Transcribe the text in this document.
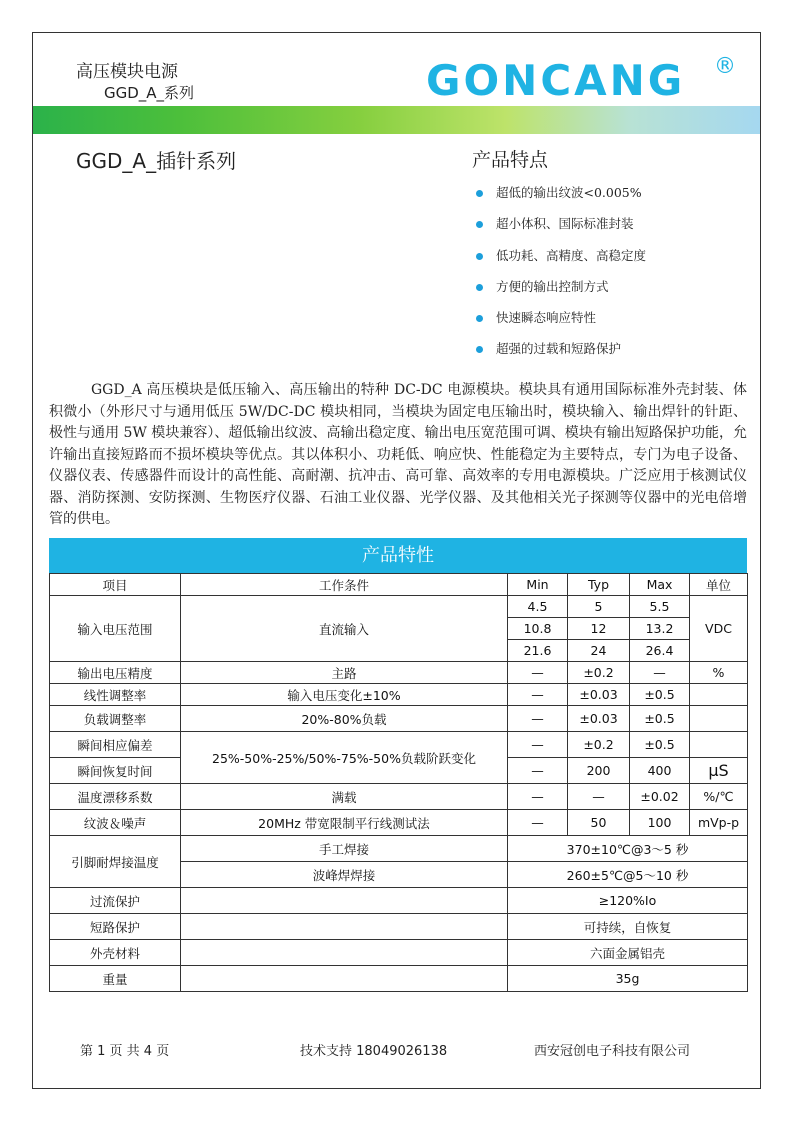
高压模块电源
GGD_A_系列	GONCANG ®
GGD_A_插针系列	产品特点
超低的输出纹波<0.005%
超小体积、国际标准封装
低功耗、高精度、高稳定度
方便的输出控制方式
快速瞬态响应特性
超强的过载和短路保护
GGD_A 高压模块是低压输入、高压输出的特种 DC-DC 电源模块。模块具有通用国际标准外壳封装、体积微小（外形尺寸与通用低压 5W/DC-DC 模块相同，当模块为固定电压输出时，模块输入、输出焊针的针距、极性与通用 5W 模块兼容）、超低输出纹波、高输出稳定度、输出电压宽范围可调、模块有输出短路保护功能，允许输出直接短路而不损坏模块等优点。其以体积小、功耗低、响应快、性能稳定为主要特点，专门为电子设备、仪器仪表、传感器件而设计的高性能、高耐潮、抗冲击、高可靠、高效率的专用电源模块。广泛应用于核测试仪器、消防探测、安防探测、生物医疗仪器、石油工业仪器、光学仪器、及其他相关光子探测等仪器中的光电倍增管的供电。
产品特性
项目	工作条件	Min	Typ	Max	单位
输入电压范围	直流输入	4.5	5	5.5	VDC
		10.8	12	13.2	
		21.6	24	26.4	
输出电压精度	主路	—	±0.2	—	%
线性调整率	输入电压变化±10%	—	±0.03	±0.5	
负载调整率	20%-80%负载	—	±0.03	±0.5	
瞬间相应偏差	25%-50%-25%/50%-75%-50%负载阶跃变化	—	±0.2	±0.5	
瞬间恢复时间		—	200	400	μS
温度漂移系数	满载	—	—	±0.02	%/℃
纹波＆噪声	20MHz 带宽限制平行线测试法	—	50	100	mVp-p
引脚耐焊接温度	手工焊接	370±10℃@3～5 秒			
	波峰焊焊接	260±5℃@5～10 秒			
过流保护		≥120%Io			
短路保护		可持续，自恢复			
外壳材料		六面金属铝壳			
重量		35g			
第 1 页 共 4 页	技术支持 18049026138	西安冠创电子科技有限公司
